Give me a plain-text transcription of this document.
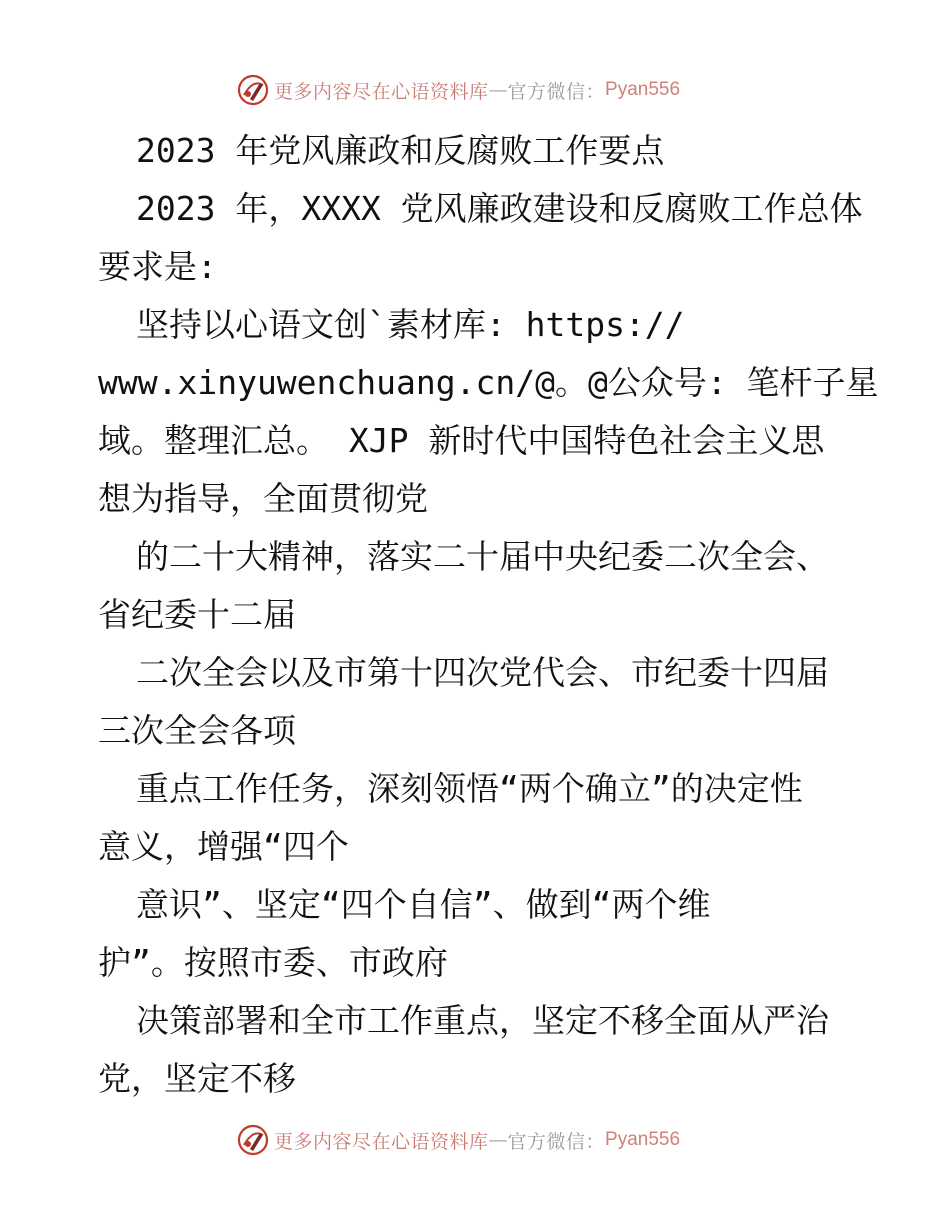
更多内容尽在心语资料库 — 官方微信： Pyan556

2023 年党风廉政和反腐败工作要点

2023 年，XXXX 党风廉政建设和反腐败工作总体
要求是:

坚持以心语文创`素材库: https://
www.xinyuwenchuang.cn/@。@公众号: 笔杆子星
域。整理汇总。 XJP 新时代中国特色社会主义思
想为指导，全面贯彻党

的二十大精神，落实二十届中央纪委二次全会、
省纪委十二届

二次全会以及市第十四次党代会、市纪委十四届
三次全会各项

重点工作任务，深刻领悟“两个确立”的决定性
意义，增强“四个

意识”、坚定“四个自信”、做到“两个维
护”。按照市委、市政府

决策部署和全市工作重点，坚定不移全面从严治
党，坚定不移

更多内容尽在心语资料库 — 官方微信： Pyan556
